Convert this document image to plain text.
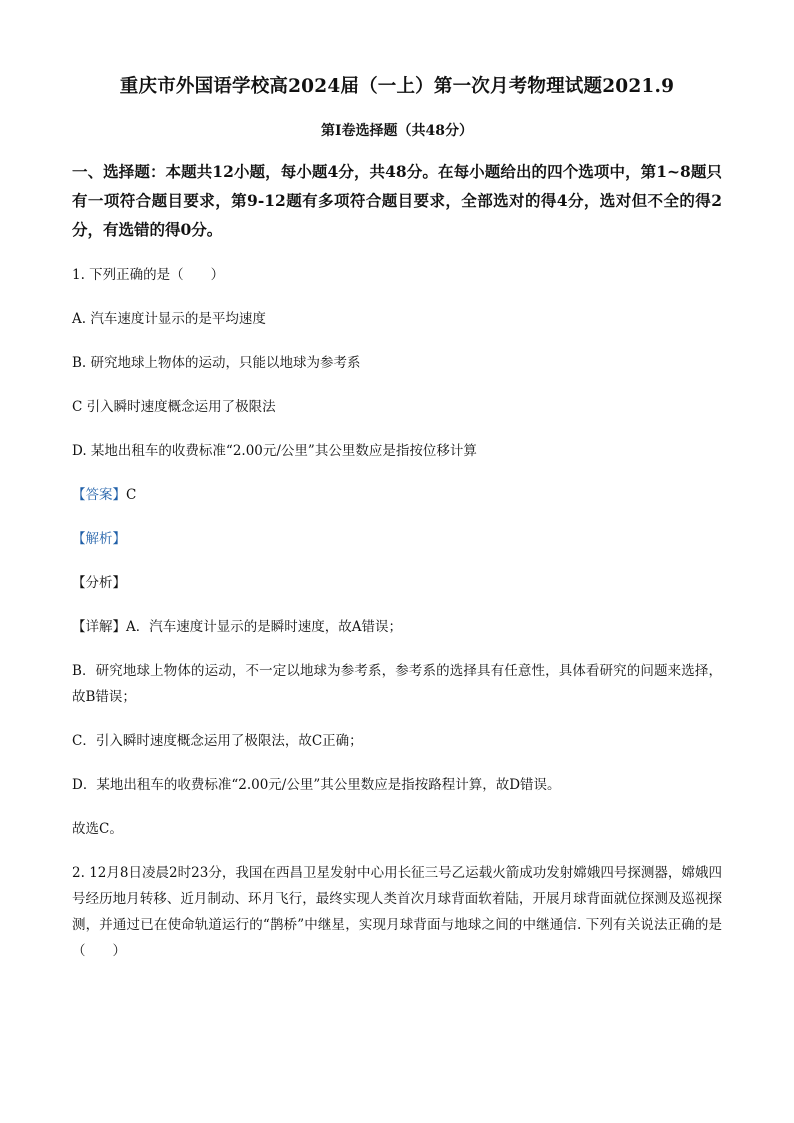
重庆市外国语学校高2024届（一上）第一次月考物理试题2021.9
第Ⅰ卷选择题（共48分）
一、选择题：本题共12小题，每小题4分，共48分。在每小题给出的四个选项中，第1~8题只有一项符合题目要求，第9-12题有多项符合题目要求，全部选对的得4分，选对但不全的得2分，有选错的得0分。

1. 下列正确的是（　　）

A. 汽车速度计显示的是平均速度

B. 研究地球上物体的运动，只能以地球为参考系

C 引入瞬时速度概念运用了极限法

D. 某地出租车的收费标准“2.00元/公里”其公里数应是指按位移计算

【答案】C

【解析】

【分析】

【详解】A．汽车速度计显示的是瞬时速度，故A错误；

B．研究地球上物体的运动，不一定以地球为参考系，参考系的选择具有任意性，具体看研究的问题来选择，故B错误；

C．引入瞬时速度概念运用了极限法，故C正确；

D．某地出租车的收费标准“2.00元/公里”其公里数应是指按路程计算，故D错误。

故选C。

2. 12月8日凌晨2时23分，我国在西昌卫星发射中心用长征三号乙运载火箭成功发射嫦娥四号探测器，嫦娥四号经历地月转移、近月制动、环月飞行，最终实现人类首次月球背面软着陆，开展月球背面就位探测及巡视探测，并通过已在使命轨道运行的“鹊桥”中继星，实现月球背面与地球之间的中继通信. 下列有关说法正确的是（　　）
